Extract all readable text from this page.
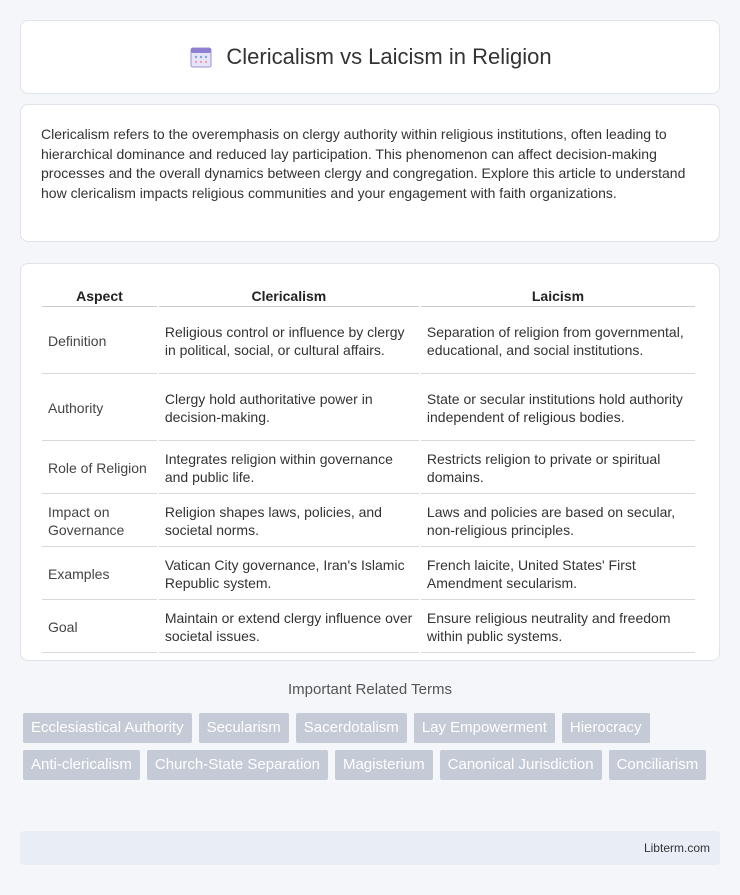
Clericalism vs Laicism in Religion

Clericalism refers to the overemphasis on clergy authority within religious institutions, often leading to hierarchical dominance and reduced lay participation. This phenomenon can affect decision-making processes and the overall dynamics between clergy and congregation. Explore this article to understand how clericalism impacts religious communities and your engagement with faith organizations.

Aspect	Clericalism	Laicism
Definition	Religious control or influence by clergy in political, social, or cultural affairs.	Separation of religion from governmental, educational, and social institutions.
Authority	Clergy hold authoritative power in decision-making.	State or secular institutions hold authority independent of religious bodies.
Role of Religion	Integrates religion within governance and public life.	Restricts religion to private or spiritual domains.
Impact on Governance	Religion shapes laws, policies, and societal norms.	Laws and policies are based on secular, non-religious principles.
Examples	Vatican City governance, Iran's Islamic Republic system.	French laicite, United States' First Amendment secularism.
Goal	Maintain or extend clergy influence over societal issues.	Ensure religious neutrality and freedom within public systems.
Important Related Terms
Ecclesiastical Authority	Secularism	Sacerdotalism	Lay Empowerment	Hierocracy
Anti-clericalism	Church-State Separation	Magisterium	Canonical Jurisdiction	Conciliarism
Libterm.com
